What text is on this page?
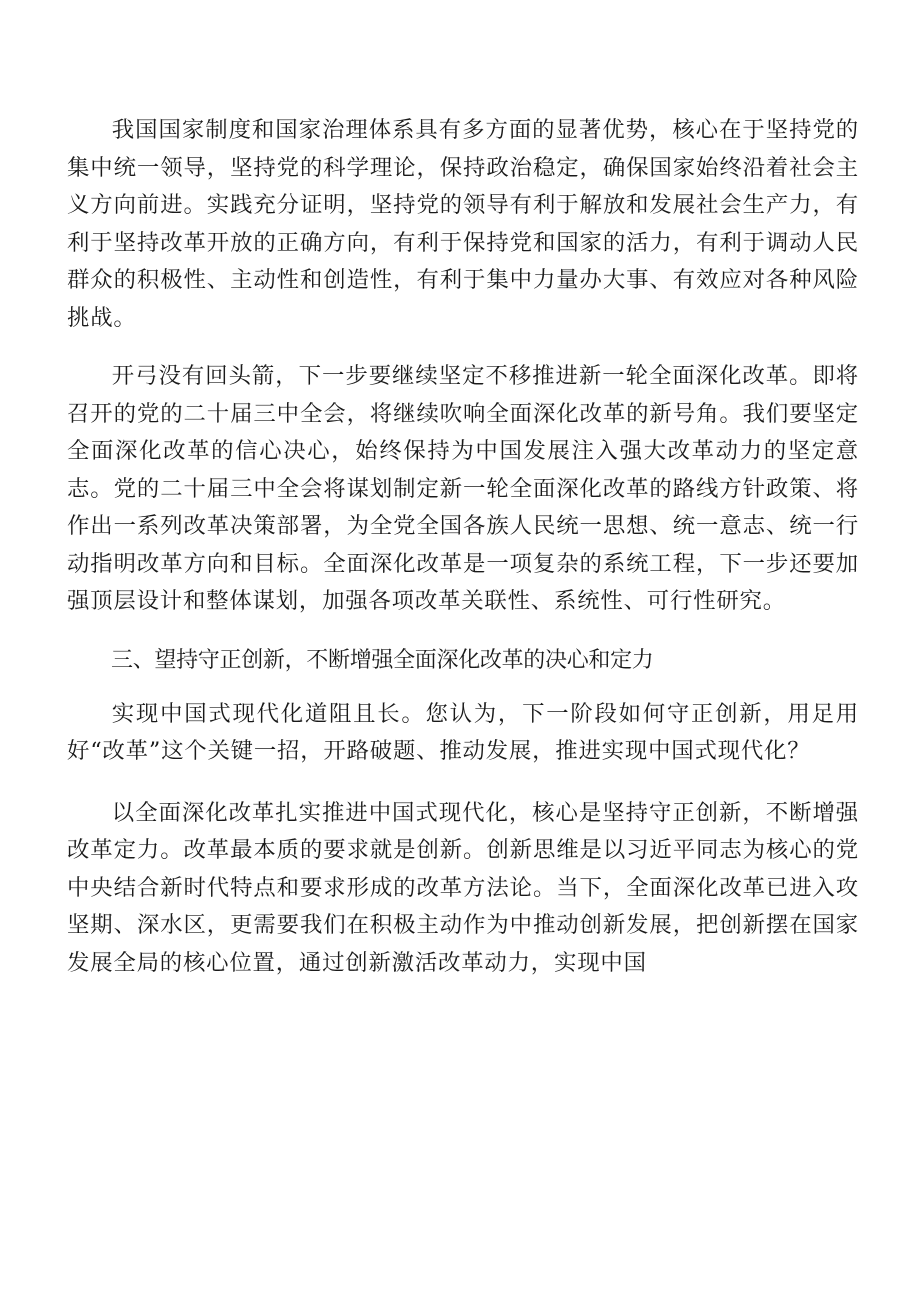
我国国家制度和国家治理体系具有多方面的显著优势，核心在于坚持党的集中统一领导，坚持党的科学理论，保持政治稳定，确保国家始终沿着社会主义方向前进。实践充分证明，坚持党的领导有利于解放和发展社会生产力，有利于坚持改革开放的正确方向，有利于保持党和国家的活力，有利于调动人民群众的积极性、主动性和创造性，有利于集中力量办大事、有效应对各种风险挑战。

开弓没有回头箭，下一步要继续坚定不移推进新一轮全面深化改革。即将召开的党的二十届三中全会，将继续吹响全面深化改革的新号角。我们要坚定全面深化改革的信心决心，始终保持为中国发展注入强大改革动力的坚定意志。党的二十届三中全会将谋划制定新一轮全面深化改革的路线方针政策、将作出一系列改革决策部署，为全党全国各族人民统一思想、统一意志、统一行动指明改革方向和目标。全面深化改革是一项复杂的系统工程，下一步还要加强顶层设计和整体谋划，加强各项改革关联性、系统性、可行性研究。

三、望持守正创新，不断增强全面深化改革的决心和定力

实现中国式现代化道阻且长。您认为，下一阶段如何守正创新，用足用好“改革”这个关键一招，开路破题、推动发展，推进实现中国式现代化？

以全面深化改革扎实推进中国式现代化，核心是坚持守正创新，不断增强改革定力。改革最本质的要求就是创新。创新思维是以习近平同志为核心的党中央结合新时代特点和要求形成的改革方法论。当下，全面深化改革已进入攻坚期、深水区，更需要我们在积极主动作为中推动创新发展，把创新摆在国家发展全局的核心位置，通过创新激活改革动力，实现中国
